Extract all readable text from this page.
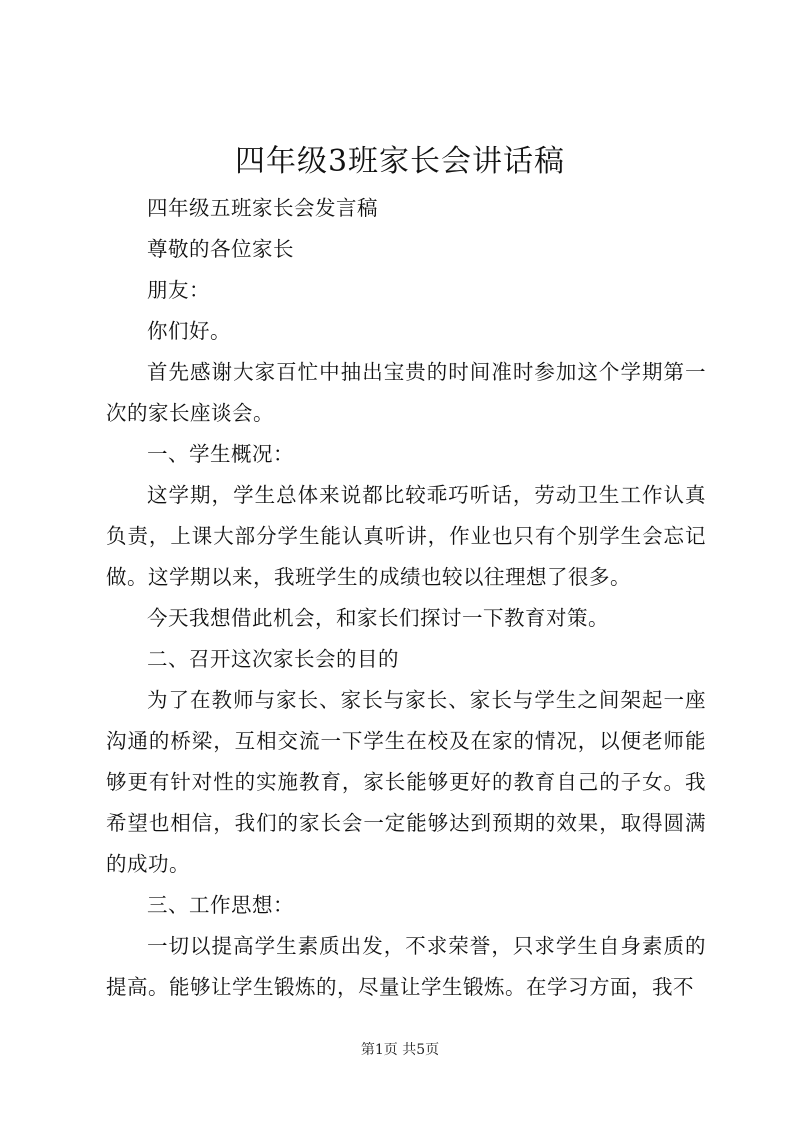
四年级3班家长会讲话稿

四年级五班家长会发言稿

尊敬的各位家长

朋友：

你们好。

首先感谢大家百忙中抽出宝贵的时间准时参加这个学期第一次的家长座谈会。

一、学生概况：

这学期，学生总体来说都比较乖巧听话，劳动卫生工作认真负责，上课大部分学生能认真听讲，作业也只有个别学生会忘记做。这学期以来，我班学生的成绩也较以往理想了很多。

今天我想借此机会，和家长们探讨一下教育对策。

二、召开这次家长会的目的

为了在教师与家长、家长与家长、家长与学生之间架起一座沟通的桥梁，互相交流一下学生在校及在家的情况，以便老师能够更有针对性的实施教育，家长能够更好的教育自己的子女。我希望也相信，我们的家长会一定能够达到预期的效果，取得圆满的成功。

三、工作思想：

一切以提高学生素质出发，不求荣誉，只求学生自身素质的提高。能够让学生锻炼的，尽量让学生锻炼。在学习方面，我不

第1页 共5页
